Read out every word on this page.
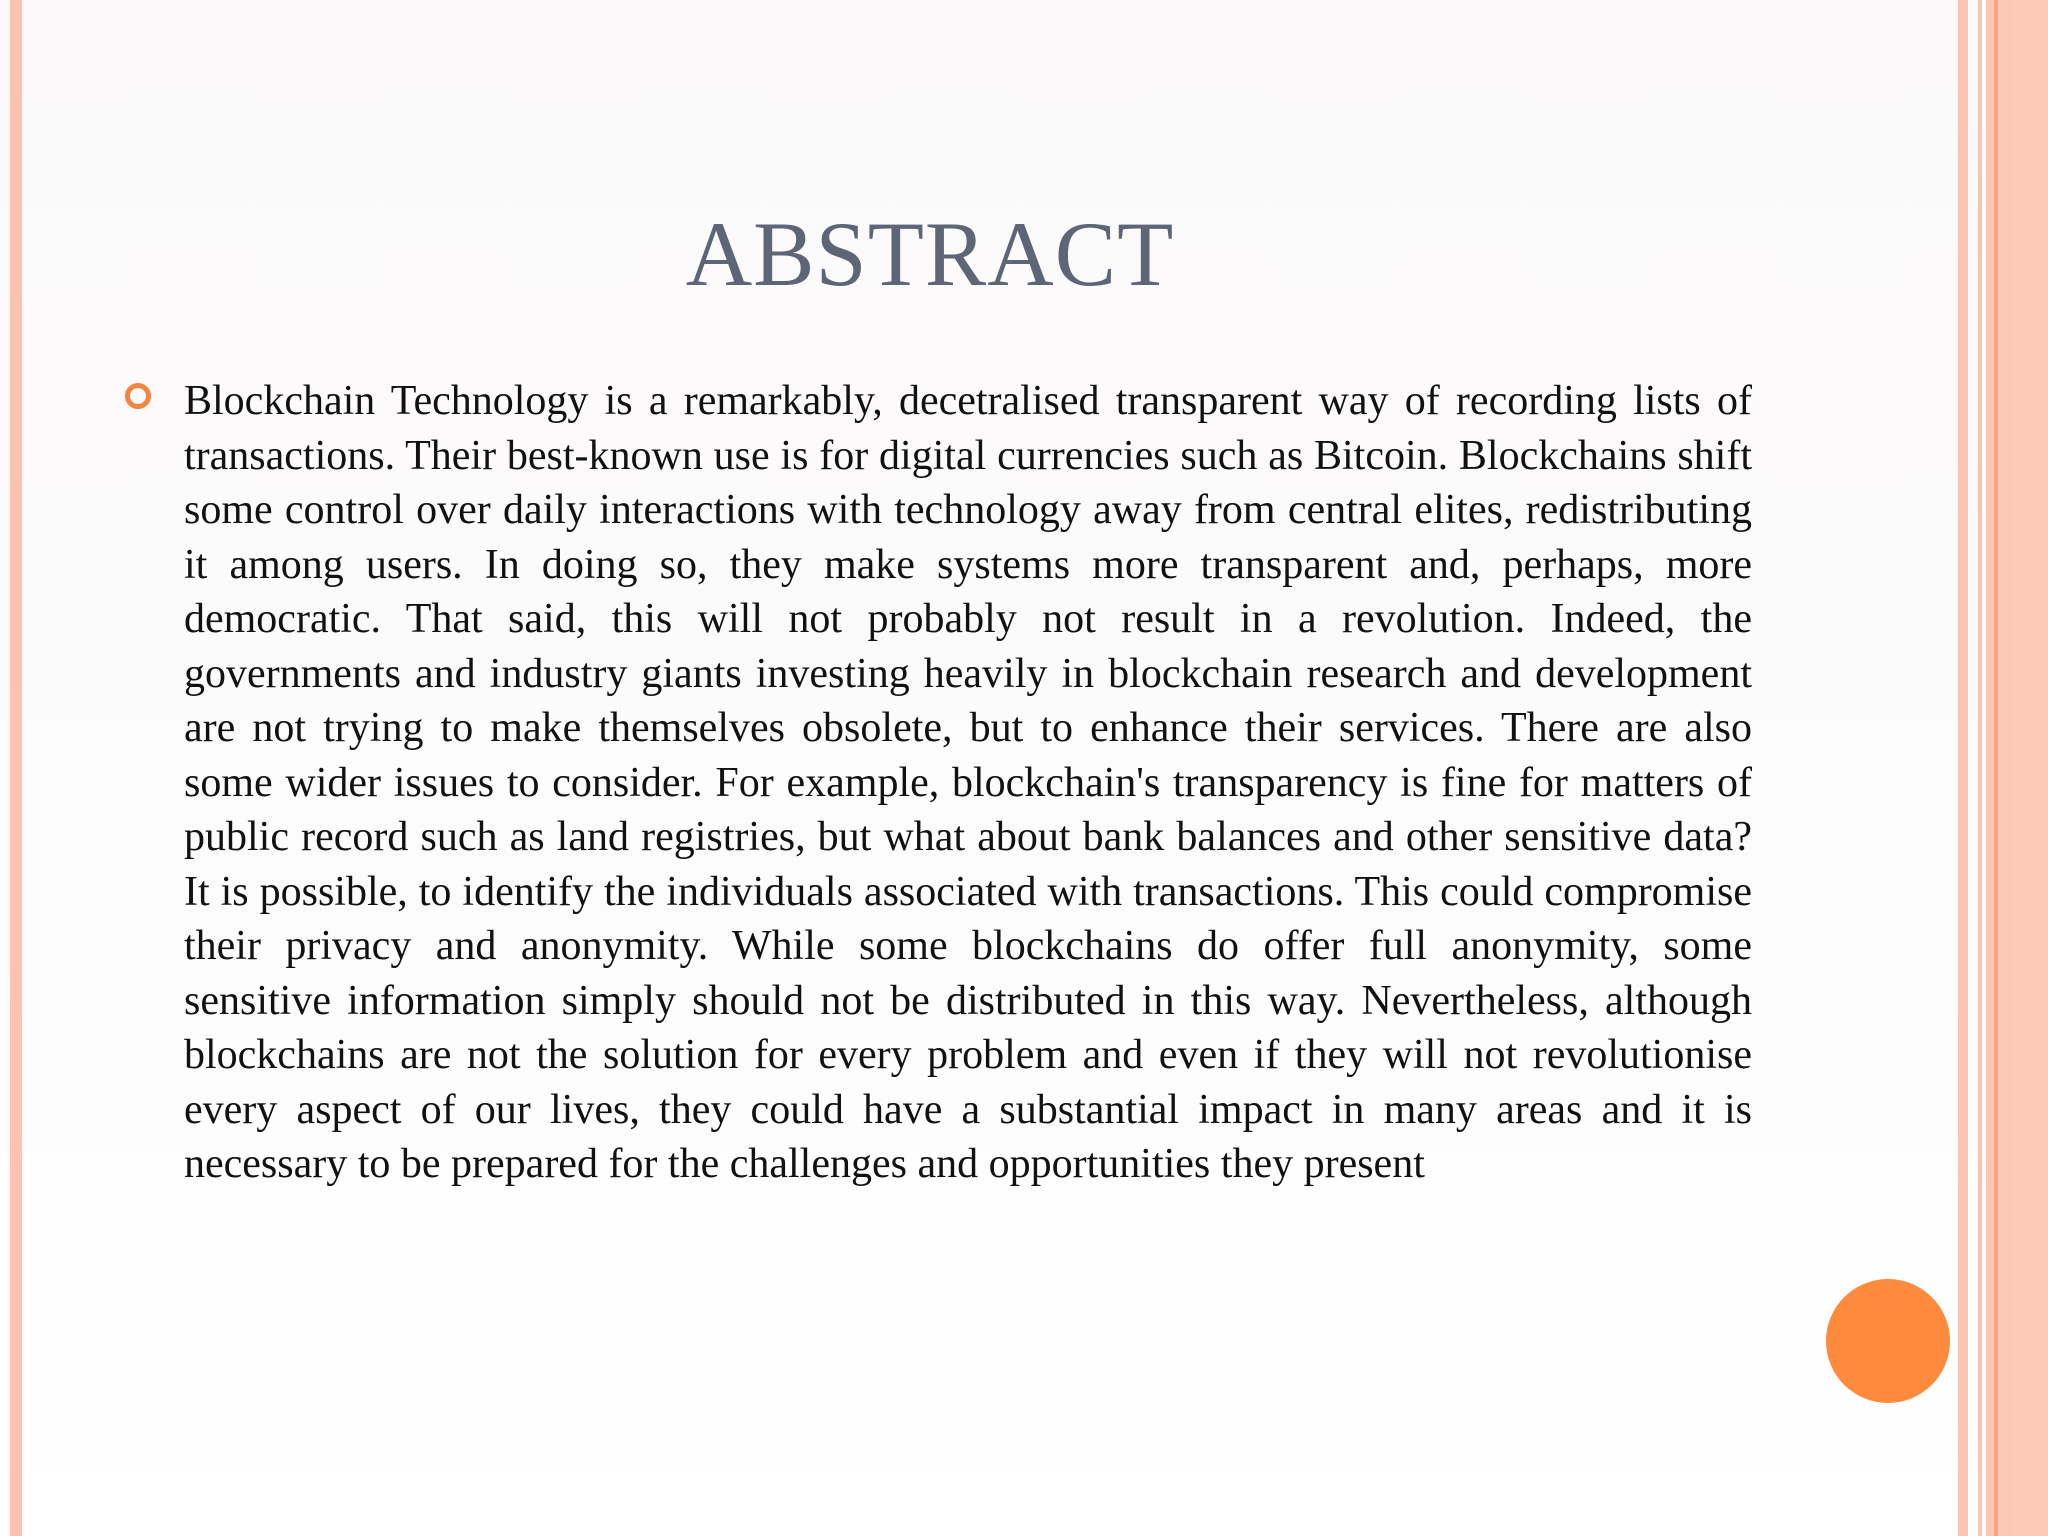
ABSTRACT

Blockchain Technology is a remarkably, decetralised transparent way of recording lists of transactions. Their best-known use is for digital currencies such as Bitcoin. Blockchains shift some control over daily interactions with technology away from central elites, redistributing it among users. In doing so, they make systems more transparent and, perhaps, more democratic. That said, this will not probably not result in a revolution. Indeed, the governments and industry giants investing heavily in blockchain research and development are not trying to make themselves obsolete, but to enhance their services. There are also some wider issues to consider. For example, blockchain's transparency is fine for matters of public record such as land registries, but what about bank balances and other sensitive data? It is possible, to identify the individuals associated with transactions. This could compromise their privacy and anonymity. While some blockchains do offer full anonymity, some sensitive information simply should not be distributed in this way. Nevertheless, although blockchains are not the solution for every problem and even if they will not revolutionise every aspect of our lives, they could have a substantial impact in many areas and it is necessary to be prepared for the challenges and opportunities they present
